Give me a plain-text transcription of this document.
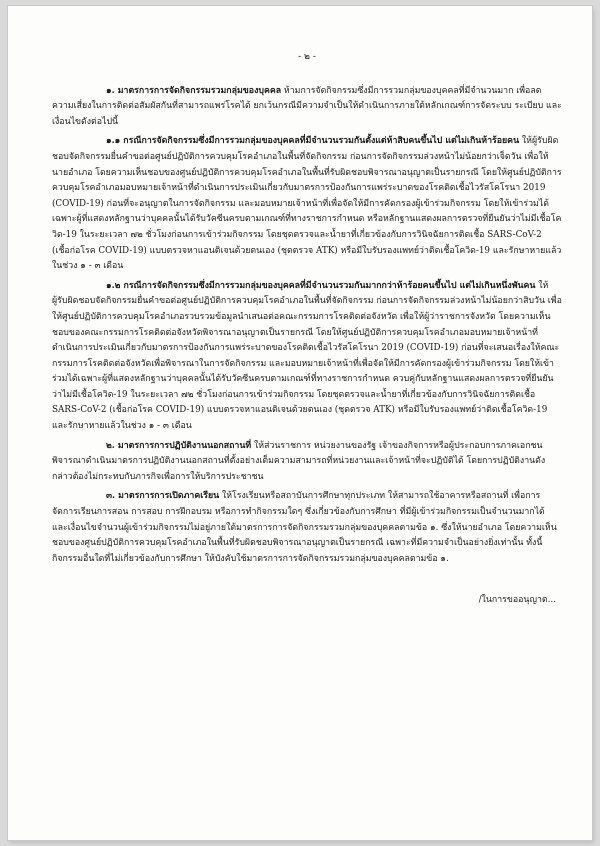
- ๒ -

๑. มาตรการการจัดกิจกรรมรวมกลุ่มของบุคคล ห้ามการจัดกิจกรรมซึ่งมีการรวมกลุ่มของบุคคลที่มีจำนวนมาก เพื่อลดความเสี่ยงในการติดต่อสัมผัสกันที่สามารถแพร่โรคได้ ยกเว้นกรณีมีความจำเป็นให้ดำเนินการภายใต้หลักเกณฑ์การจัดระบบ ระเบียบ และเงื่อนไขดังต่อไปนี้

๑.๑ กรณีการจัดกิจกรรมซึ่งมีการรวมกลุ่มของบุคคลที่มีจำนวนรวมกันตั้งแต่ห้าสิบคนขึ้นไป แต่ไม่เกินห้าร้อยคน ให้ผู้รับผิดชอบจัดกิจกรรมยื่นคำขอต่อศูนย์ปฏิบัติการควบคุมโรคอำเภอในพื้นที่จัดกิจกรรม ก่อนการจัดกิจกรรมล่วงหน้าไม่น้อยกว่าเจ็ดวัน เพื่อให้นายอำเภอ โดยความเห็นชอบของศูนย์ปฏิบัติการควบคุมโรคอำเภอในพื้นที่รับผิดชอบพิจารณาอนุญาตเป็นรายกรณี โดยให้ศูนย์ปฏิบัติการควบคุมโรคอำเภอมอบหมายเจ้าหน้าที่ดำเนินการประเมินเกี่ยวกับมาตรการป้องกันการแพร่ระบาดของโรคติดเชื้อไวรัสโคโรนา 2019 (COVID-19) ก่อนที่จะอนุญาตในการจัดกิจกรรม และมอบหมายเจ้าหน้าที่เพื่อจัดให้มีการคัดกรองผู้เข้าร่วมกิจกรรม โดยให้เข้าร่วมได้เฉพาะผู้ที่แสดงหลักฐานว่าบุคคลนั้นได้รับวัคซีนครบตามเกณฑ์ที่ทางราชการกำหนด หรือหลักฐานแสดงผลการตรวจที่ยืนยันว่าไม่มีเชื้อโควิด-19 ในระยะเวลา ๗๒ ชั่วโมงก่อนการเข้าร่วมกิจกรรม โดยชุดตรวจและน้ำยาที่เกี่ยวข้องกับการวินิจฉัยการติดเชื้อ SARS-CoV-2 (เชื้อก่อโรค COVID-19) แบบตรวจหาแอนติเจนด้วยตนเอง (ชุดตรวจ ATK) หรือมีใบรับรองแพทย์ว่าติดเชื้อโควิด-19 และรักษาหายแล้วในช่วง ๑ - ๓ เดือน

๑.๒ กรณีการจัดกิจกรรมซึ่งมีการรวมกลุ่มของบุคคลที่มีจำนวนรวมกันมากกว่าห้าร้อยคนขึ้นไป แต่ไม่เกินหนึ่งพันคน ให้ผู้รับผิดชอบจัดกิจกรรมยื่นคำขอต่อศูนย์ปฏิบัติการควบคุมโรคอำเภอในพื้นที่จัดกิจกรรม ก่อนการจัดกิจกรรมล่วงหน้าไม่น้อยกว่าสิบวัน เพื่อให้ศูนย์ปฏิบัติการควบคุมโรคอำเภอรวบรวมข้อมูลนำเสนอต่อคณะกรรมการโรคติดต่อจังหวัด เพื่อให้ผู้ว่าราชการจังหวัด โดยความเห็นชอบของคณะกรรมการโรคติดต่อจังหวัดพิจารณาอนุญาตเป็นรายกรณี โดยให้ศูนย์ปฏิบัติการควบคุมโรคอำเภอมอบหมายเจ้าหน้าที่ดำเนินการประเมินเกี่ยวกับมาตรการป้องกันการแพร่ระบาดของโรคติดเชื้อไวรัสโคโรนา 2019 (COVID-19) ก่อนที่จะเสนอเรื่องให้คณะกรรมการโรคติดต่อจังหวัดเพื่อพิจารณาในการจัดกิจกรรม และมอบหมายเจ้าหน้าที่เพื่อจัดให้มีการคัดกรองผู้เข้าร่วมกิจกรรม โดยให้เข้าร่วมได้เฉพาะผู้ที่แสดงหลักฐานว่าบุคคลนั้นได้รับวัคซีนครบตามเกณฑ์ที่ทางราชการกำหนด ควบคู่กับหลักฐานแสดงผลการตรวจที่ยืนยันว่าไม่มีเชื้อโควิด-19 ในระยะเวลา ๗๒ ชั่วโมงก่อนการเข้าร่วมกิจกรรม โดยชุดตรวจและน้ำยาที่เกี่ยวข้องกับการวินิจฉัยการติดเชื้อ SARS-CoV-2 (เชื้อก่อโรค COVID-19) แบบตรวจหาแอนติเจนด้วยตนเอง (ชุดตรวจ ATK) หรือมีใบรับรองแพทย์ว่าติดเชื้อโควิด-19 และรักษาหายแล้วในช่วง ๑ - ๓ เดือน

๒. มาตรการการปฏิบัติงานนอกสถานที่ ให้ส่วนราชการ หน่วยงานของรัฐ เจ้าของกิจการหรือผู้ประกอบการภาคเอกชน พิจารณาดำเนินมาตรการปฏิบัติงานนอกสถานที่ตั้งอย่างเต็มความสามารถที่หน่วยงานและเจ้าหน้าที่จะปฏิบัติได้ โดยการปฏิบัติงานดังกล่าวต้องไม่กระทบกับภารกิจเพื่อการให้บริการประชาชน

๓. มาตรการการเปิดภาคเรียน ให้โรงเรียนหรือสถาบันการศึกษาทุกประเภท ให้สามารถใช้อาคารหรือสถานที่ เพื่อการจัดการเรียนการสอน การสอบ การฝึกอบรม หรือการทำกิจกรรมใดๆ ซึ่งเกี่ยวข้องกับการศึกษา ที่มีผู้เข้าร่วมกิจกรรมเป็นจำนวนมากได้ และเงื่อนไขจำนวนผู้เข้าร่วมกิจกรรมไม่อยู่ภายใต้มาตรการการจัดกิจกรรมรวมกลุ่มของบุคคลตามข้อ ๑. ซึ่งให้นายอำเภอ โดยความเห็นชอบของศูนย์ปฏิบัติการควบคุมโรคอำเภอในพื้นที่รับผิดชอบพิจารณาอนุญาตเป็นรายกรณี เฉพาะที่มีความจำเป็นอย่างยิ่งเท่านั้น ทั้งนี้ กิจกรรมอื่นใดที่ไม่เกี่ยวข้องกับการศึกษา ให้บังคับใช้มาตรการการจัดกิจกรรมรวมกลุ่มของบุคคลตามข้อ ๑.

/ในการขออนุญาต...
